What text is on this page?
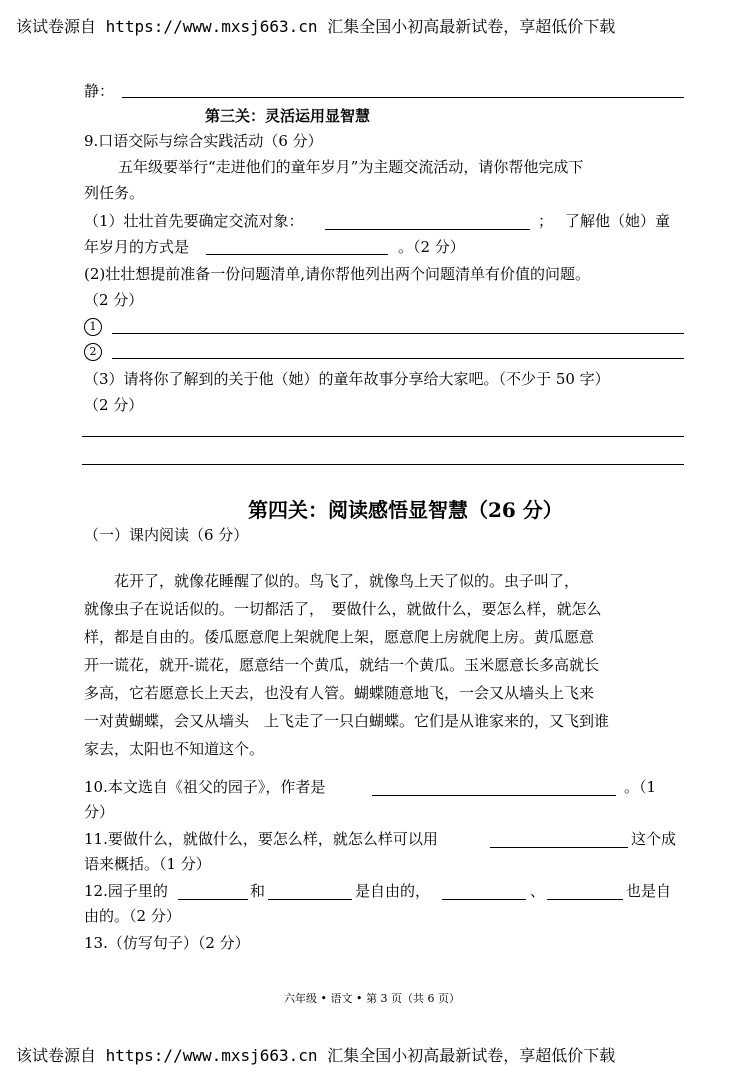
该试卷源自 https://www.mxsj663.cn 汇集全国小初高最新试卷，享超低价下载
静：
第三关：灵活运用显智慧
9.口语交际与综合实践活动（6 分）
五年级要举行“走进他们的童年岁月”为主题交流活动，请你帮他完成下
列任务。
（1）壮壮首先要确定交流对象：	； 了解他（她）童
年岁月的方式是	。（2 分）
(2)壮壮想提前准备一份问题清单,请你帮他列出两个问题清单有价值的问题。
（2 分）
1
2
（3）请将你了解到的关于他（她）的童年故事分享给大家吧。（不少于 50 字）
（2 分）
第四关：阅读感悟显智慧（26 分）
（一）课内阅读（6 分）
　　花开了，就像花睡醒了似的。鸟飞了，就像鸟上天了似的。虫子叫了，
就像虫子在说话似的。一切都活了，　要做什么，就做什么，要怎么样，就怎么
样，都是自由的。倭瓜愿意爬上架就爬上架，愿意爬上房就爬上房。黄瓜愿意
开一谎花，就开-谎花，愿意结一个黄瓜，就结一个黄瓜。玉米愿意长多高就长
多高，它若愿意长上天去，也没有人管。蝴蝶随意地飞，一会又从墙头上飞来
一对黄蝴蝶，会又从墙头　上飞走了一只白蝴蝶。它们是从谁家来的，又飞到谁
家去，太阳也不知道这个。
10.本文选自《祖父的园子》，作者是	。（1
分）
11.要做什么，就做什么，要怎么样，就怎么样可以用	这个成
语来概括。（1 分）
12.园子里的	和	是自由的，	、	也是自
由的。（2 分）
13.（仿写句子）（2 分）
六年级 • 语文 • 第 3 页（共 6 页）
该试卷源自 https://www.mxsj663.cn 汇集全国小初高最新试卷，享超低价下载
